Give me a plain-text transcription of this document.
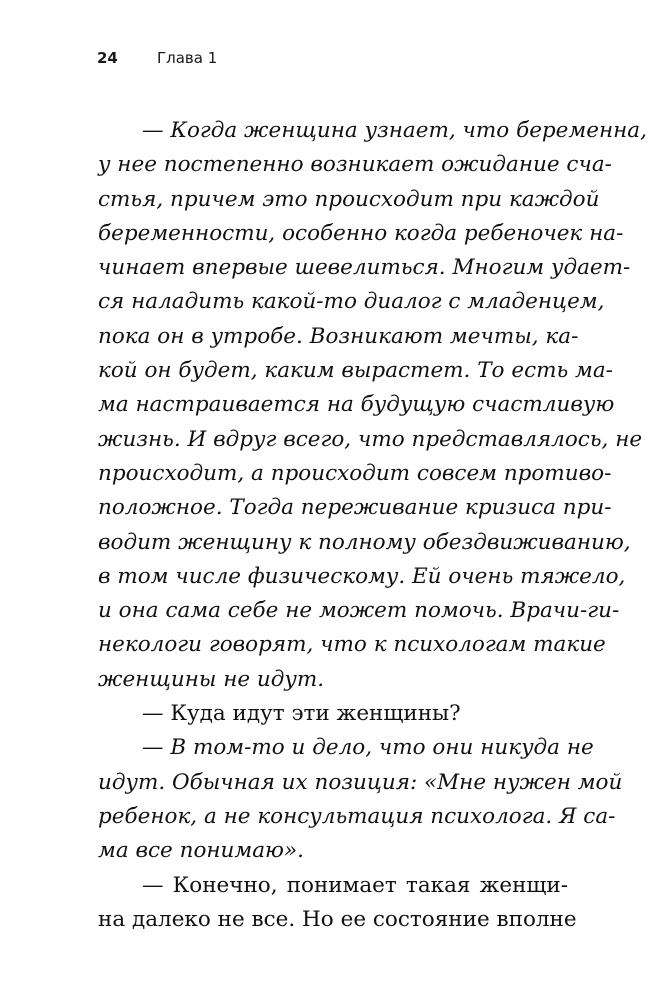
24	Глава 1
— Когда женщина узнает, что беременна,
у нее постепенно возникает ожидание сча-
стья, причем это происходит при каждой
беременности, особенно когда ребеночек на-
чинает впервые шевелиться. Многим удает-
ся наладить какой-то диалог с младенцем,
пока он в утробе. Возникают мечты, ка-
кой он будет, каким вырастет. То есть ма-
ма настраивается на будущую счастливую
жизнь. И вдруг всего, что представлялось, не
происходит, а происходит совсем противо-
положное. Тогда переживание кризиса при-
водит женщину к полному обездвиживанию,
в том числе физическому. Ей очень тяжело,
и она сама себе не может помочь. Врачи-ги-
некологи говорят, что к психологам такие
женщины не идут.
— Куда идут эти женщины?
— В том-то и дело, что они никуда не
идут. Обычная их позиция: «Мне нужен мой
ребенок, а не консультация психолога. Я са-
ма все понимаю».
— Конечно, понимает такая женщи-
на далеко не все. Но ее состояние вполне
